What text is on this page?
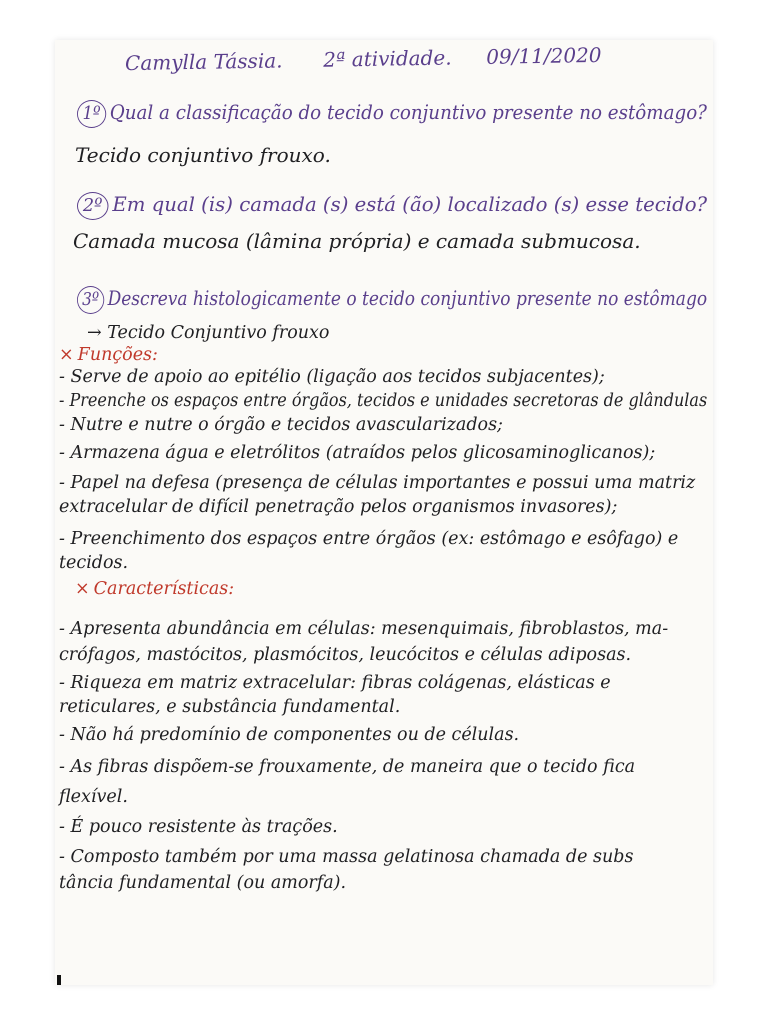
Camylla Tássia. 2ª atividade. 09/11/2020
1º Qual a classificação do tecido conjuntivo presente no estômago?
Tecido conjuntivo frouxo.
2º Em qual (is) camada (s) está (ão) localizado (s) esse tecido?
Camada mucosa (lâmina própria) e camada submucosa.
3º Descreva histologicamente o tecido conjuntivo presente no estômago
→ Tecido Conjuntivo frouxo
× Funções:
- Serve de apoio ao epitélio (ligação aos tecidos subjacentes);
- Preenche os espaços entre órgãos, tecidos e unidades secretoras de glândulas
- Nutre e nutre o órgão e tecidos avascularizados;
- Armazena água e eletrólitos (atraídos pelos glicosaminoglicanos);
- Papel na defesa (presença de células importantes e possui uma matriz
extracelular de difícil penetração pelos organismos invasores);
- Preenchimento dos espaços entre órgãos (ex: estômago e esôfago) e
tecidos.
× Características:
- Apresenta abundância em células: mesenquimais, fibroblastos, ma-
crófagos, mastócitos, plasmócitos, leucócitos e células adiposas.
- Riqueza em matriz extracelular: fibras colágenas, elásticas e
reticulares, e substância fundamental.
- Não há predomínio de componentes ou de células.
- As fibras dispõem-se frouxamente, de maneira que o tecido fica
flexível.
- É pouco resistente às trações.
- Composto também por uma massa gelatinosa chamada de subs
tância fundamental (ou amorfa).
